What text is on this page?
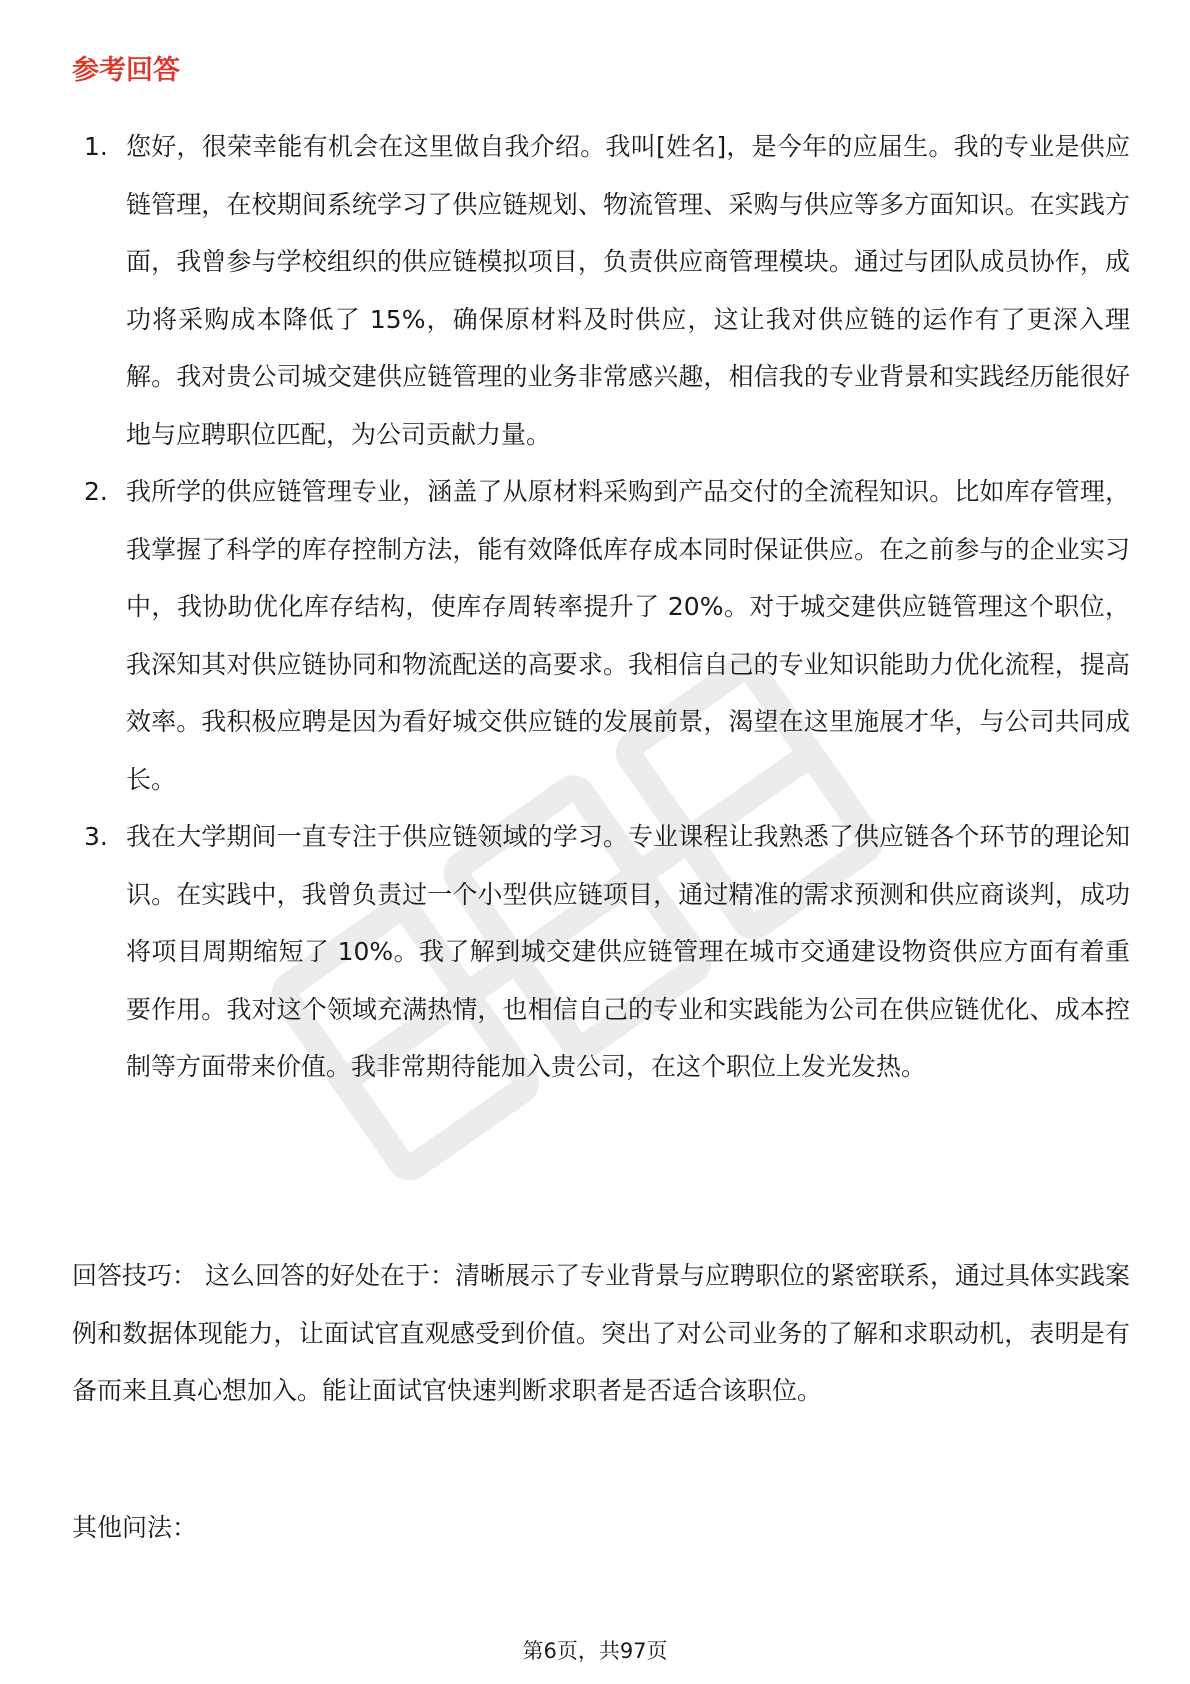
参考回答
1. 您好，很荣幸能有机会在这里做自我介绍。我叫[姓名]，是今年的应届生。我的专业是供应链管理，在校期间系统学习了供应链规划、物流管理、采购与供应等多方面知识。在实践方面，我曾参与学校组织的供应链模拟项目，负责供应商管理模块。通过与团队成员协作，成功将采购成本降低了 15%，确保原材料及时供应，这让我对供应链的运作有了更深入理解。我对贵公司城交建供应链管理的业务非常感兴趣，相信我的专业背景和实践经历能很好地与应聘职位匹配，为公司贡献力量。
2. 我所学的供应链管理专业，涵盖了从原材料采购到产品交付的全流程知识。比如库存管理，我掌握了科学的库存控制方法，能有效降低库存成本同时保证供应。在之前参与的企业实习中，我协助优化库存结构，使库存周转率提升了 20%。对于城交建供应链管理这个职位，我深知其对供应链协同和物流配送的高要求。我相信自己的专业知识能助力优化流程，提高效率。我积极应聘是因为看好城交供应链的发展前景，渴望在这里施展才华，与公司共同成长。
3. 我在大学期间一直专注于供应链领域的学习。专业课程让我熟悉了供应链各个环节的理论知识。在实践中，我曾负责过一个小型供应链项目，通过精准的需求预测和供应商谈判，成功将项目周期缩短了 10%。我了解到城交建供应链管理在城市交通建设物资供应方面有着重要作用。我对这个领域充满热情，也相信自己的专业和实践能为公司在供应链优化、成本控制等方面带来价值。我非常期待能加入贵公司，在这个职位上发光发热。
回答技巧： 这么回答的好处在于：清晰展示了专业背景与应聘职位的紧密联系，通过具体实践案例和数据体现能力，让面试官直观感受到价值。突出了对公司业务的了解和求职动机，表明是有备而来且真心想加入。能让面试官快速判断求职者是否适合该职位。
其他问法：
第6页，共97页
